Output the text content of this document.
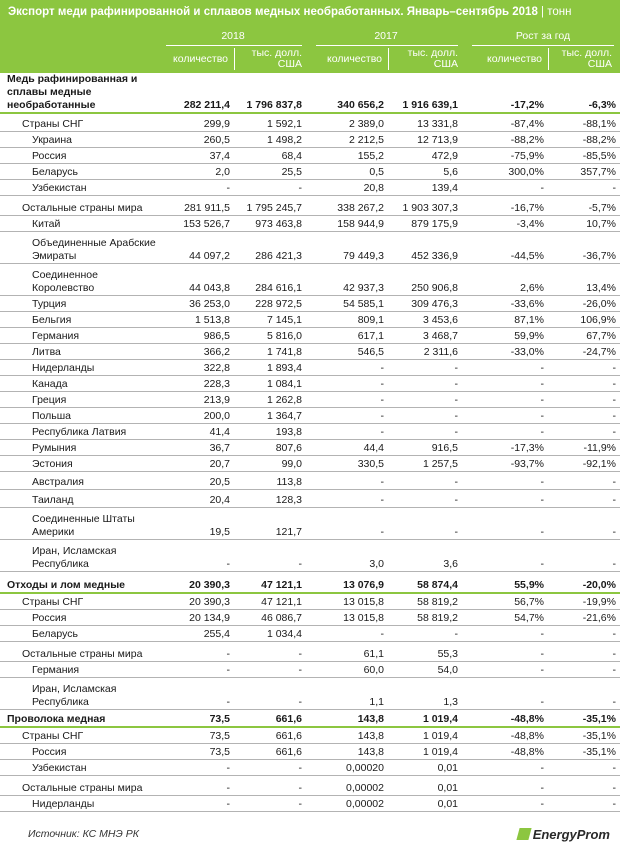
Экспорт меди рафинированной и сплавов медных необработанных. Январь–сентябрь 2018 | тонн
2018	2017	Рост за год
количество	тыс. долл. США	количество	тыс. долл. США	количество	тыс. долл. США
Медь рафинированная и сплавы медные необработанные	282 211,4	1 796 837,8	340 656,2	1 916 639,1	-17,2%	-6,3%
Страны СНГ	299,9	1 592,1	2 389,0	13 331,8	-87,4%	-88,1%
Украина	260,5	1 498,2	2 212,5	12 713,9	-88,2%	-88,2%
Россия	37,4	68,4	155,2	472,9	-75,9%	-85,5%
Беларусь	2,0	25,5	0,5	5,6	300,0%	357,7%
Узбекистан	-	-	20,8	139,4	-	-
Остальные страны мира	281 911,5	1 795 245,7	338 267,2	1 903 307,3	-16,7%	-5,7%
Китай	153 526,7	973 463,8	158 944,9	879 175,9	-3,4%	10,7%
Объединенные Арабские Эмираты	44 097,2	286 421,3	79 449,3	452 336,9	-44,5%	-36,7%
Соединенное Королевство	44 043,8	284 616,1	42 937,3	250 906,8	2,6%	13,4%
Турция	36 253,0	228 972,5	54 585,1	309 476,3	-33,6%	-26,0%
Бельгия	1 513,8	7 145,1	809,1	3 453,6	87,1%	106,9%
Германия	986,5	5 816,0	617,1	3 468,7	59,9%	67,7%
Литва	366,2	1 741,8	546,5	2 311,6	-33,0%	-24,7%
Нидерланды	322,8	1 893,4	-	-	-	-
Канада	228,3	1 084,1	-	-	-	-
Греция	213,9	1 262,8	-	-	-	-
Польша	200,0	1 364,7	-	-	-	-
Республика Латвия	41,4	193,8	-	-	-	-
Румыния	36,7	807,6	44,4	916,5	-17,3%	-11,9%
Эстония	20,7	99,0	330,5	1 257,5	-93,7%	-92,1%
Австралия	20,5	113,8	-	-	-	-
Таиланд	20,4	128,3	-	-	-	-
Соединенные Штаты Америки	19,5	121,7	-	-	-	-
Иран, Исламская Республика	-	-	3,0	3,6	-	-
Отходы и лом медные	20 390,3	47 121,1	13 076,9	58 874,4	55,9%	-20,0%
Страны СНГ	20 390,3	47 121,1	13 015,8	58 819,2	56,7%	-19,9%
Россия	20 134,9	46 086,7	13 015,8	58 819,2	54,7%	-21,6%
Беларусь	255,4	1 034,4	-	-	-	-
Остальные страны мира	-	-	61,1	55,3	-	-
Германия	-	-	60,0	54,0	-	-
Иран, Исламская Республика	-	-	1,1	1,3	-	-
Проволока медная	73,5	661,6	143,8	1 019,4	-48,8%	-35,1%
Страны СНГ	73,5	661,6	143,8	1 019,4	-48,8%	-35,1%
Россия	73,5	661,6	143,8	1 019,4	-48,8%	-35,1%
Узбекистан	-	-	0,00020	0,01	-	-
Остальные страны мира	-	-	0,00002	0,01	-	-
Нидерланды	-	-	0,00002	0,01	-	-
Источник: КС МНЭ РК	EnergyProm
